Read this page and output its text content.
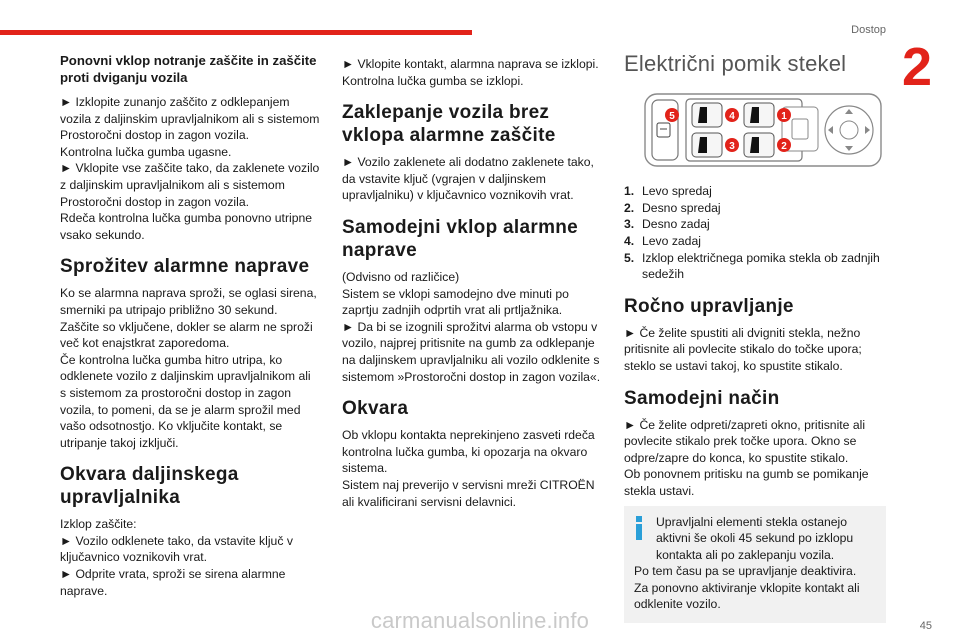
Dostop
2
Ponovni vklop notranje zaščite in zaščite proti dviganju vozila

► Izklopite zunanjo zaščito z odklepanjem vozila z daljinskim upravljalnikom ali s sistemom Prostoročni dostop in zagon vozila.
Kontrolna lučka gumba ugasne.
► Vklopite vse zaščite tako, da zaklenete vozilo z daljinskim upravljalnikom ali s sistemom Prostoročni dostop in zagon vozila.
Rdeča kontrolna lučka gumba ponovno utripne vsako sekundo.

Sprožitev alarmne naprave

Ko se alarmna naprava sproži, se oglasi sirena, smerniki pa utripajo približno 30 sekund.
Zaščite so vključene, dokler se alarm ne sproži več kot enajstkrat zaporedoma.
Če kontrolna lučka gumba hitro utripa, ko odklenete vozilo z daljinskim upravljalnikom ali s sistemom za prostoročni dostop in zagon vozila, to pomeni, da se je alarm sprožil med vašo odsotnostjo. Ko vključite kontakt, se utripanje takoj izključi.

Okvara daljinskega upravljalnika

Izklop zaščite:
► Vozilo odklenete tako, da vstavite ključ v ključavnico voznikovih vrat.
► Odprite vrata, sproži se sirena alarmne naprave.

► Vklopite kontakt, alarmna naprava se izklopi. Kontrolna lučka gumba se izklopi.

Zaklepanje vozila brez vklopa alarmne zaščite

► Vozilo zaklenete ali dodatno zaklenete tako, da vstavite ključ (vgrajen v daljinskem upravljalniku) v ključavnico voznikovih vrat.

Samodejni vklop alarmne naprave

(Odvisno od različice)
Sistem se vklopi samodejno dve minuti po zaprtju zadnjih odprtih vrat ali prtljažnika.
► Da bi se izognili sprožitvi alarma ob vstopu v vozilo, najprej pritisnite na gumb za odklepanje na daljinskem upravljalniku ali vozilo odklenite s sistemom »Prostoročni dostop in zagon vozila«.

Okvara

Ob vklopu kontakta neprekinjeno zasveti rdeča kontrolna lučka gumba, ki opozarja na okvaro sistema.
Sistem naj preverijo v servisni mreži CITROËN ali kvalificirani servisni delavnici.

Električni pomik stekel
5	4
3
1
2
1. Levo spredaj
2. Desno spredaj
3. Desno zadaj
4. Levo zadaj
5. Izklop električnega pomika stekla ob zadnjih sedežih
Ročno upravljanje

► Če želite spustiti ali dvigniti stekla, nežno pritisnite ali povlecite stikalo do točke upora; steklo se ustavi takoj, ko spustite stikalo.

Samodejni način

► Če želite odpreti/zapreti okno, pritisnite ali povlecite stikalo prek točke upora. Okno se odpre/zapre do konca, ko spustite stikalo.
Ob ponovnem pritisku na gumb se pomikanje stekla ustavi.

Upravljalni elementi stekla ostanejo aktivni še okoli 45 sekund po izklopu kontakta ali po zaklepanju vozila.
Po tem času pa se upravljanje deaktivira.
Za ponovno aktiviranje vklopite kontakt ali odklenite vozilo.
carmanualsonline.info	45
